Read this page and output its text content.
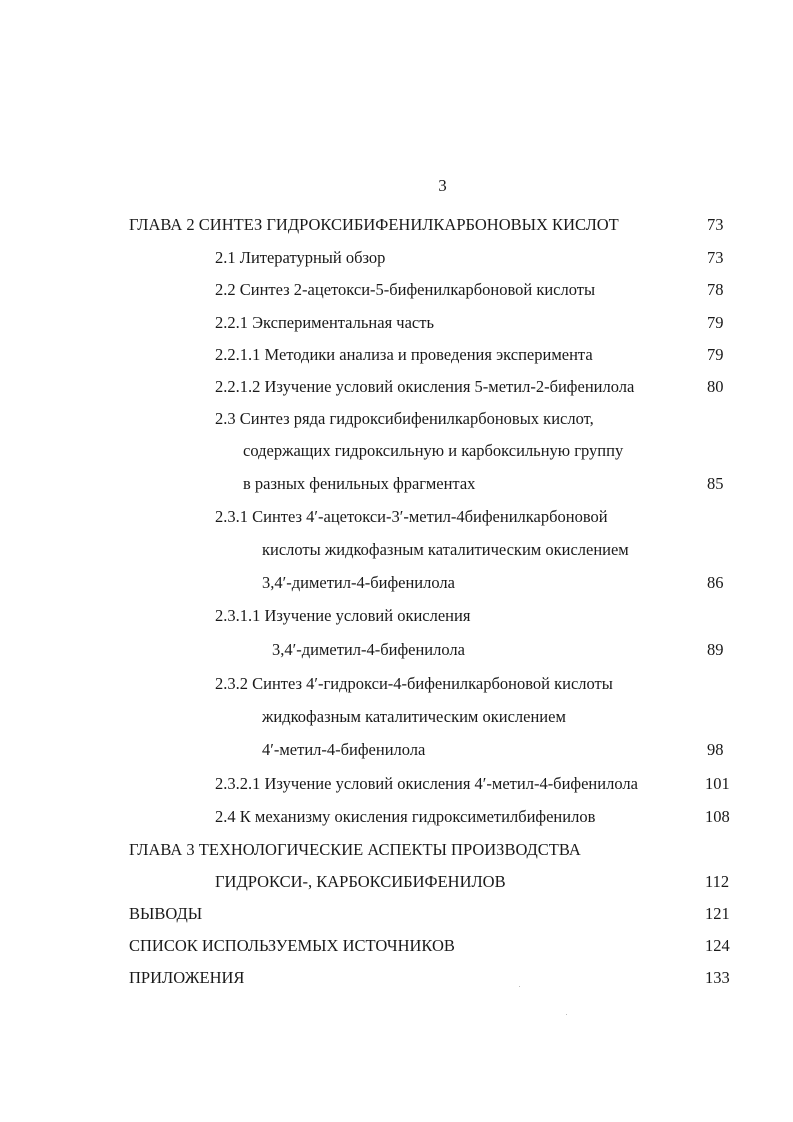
3
ГЛАВА 2 СИНТЕЗ ГИДРОКСИБИФЕНИЛКАРБОНОВЫХ КИСЛОТ	73
2.1 Литературный обзор	73
2.2 Синтез 2-ацетокси-5-бифенилкарбоновой кислоты	78
2.2.1 Экспериментальная часть	79
2.2.1.1 Методики анализа и проведения эксперимента	79
2.2.1.2 Изучение условий окисления 5-метил-2-бифенилола	80
2.3 Синтез ряда гидроксибифенилкарбоновых кислот,
содержащих гидроксильную и карбоксильную группу
в разных фенильных фрагментах	85
2.3.1 Синтез 4′-ацетокси-3′-метил-4бифенилкарбоновой
кислоты жидкофазным каталитическим окислением
3,4′-диметил-4-бифенилола	86
2.3.1.1 Изучение условий окисления
3,4′-диметил-4-бифенилола	89
2.3.2 Синтез 4′-гидрокси-4-бифенилкарбоновой кислоты
жидкофазным каталитическим окислением
4′-метил-4-бифенилола	98
2.3.2.1 Изучение условий окисления 4′-метил-4-бифенилола	101
2.4 К механизму окисления гидроксиметилбифенилов	108
ГЛАВА 3 ТЕХНОЛОГИЧЕСКИЕ АСПЕКТЫ ПРОИЗВОДСТВА
ГИДРОКСИ-, КАРБОКСИБИФЕНИЛОВ	112
ВЫВОДЫ	121
СПИСОК ИСПОЛЬЗУЕМЫХ ИСТОЧНИКОВ	124
ПРИЛОЖЕНИЯ	133
